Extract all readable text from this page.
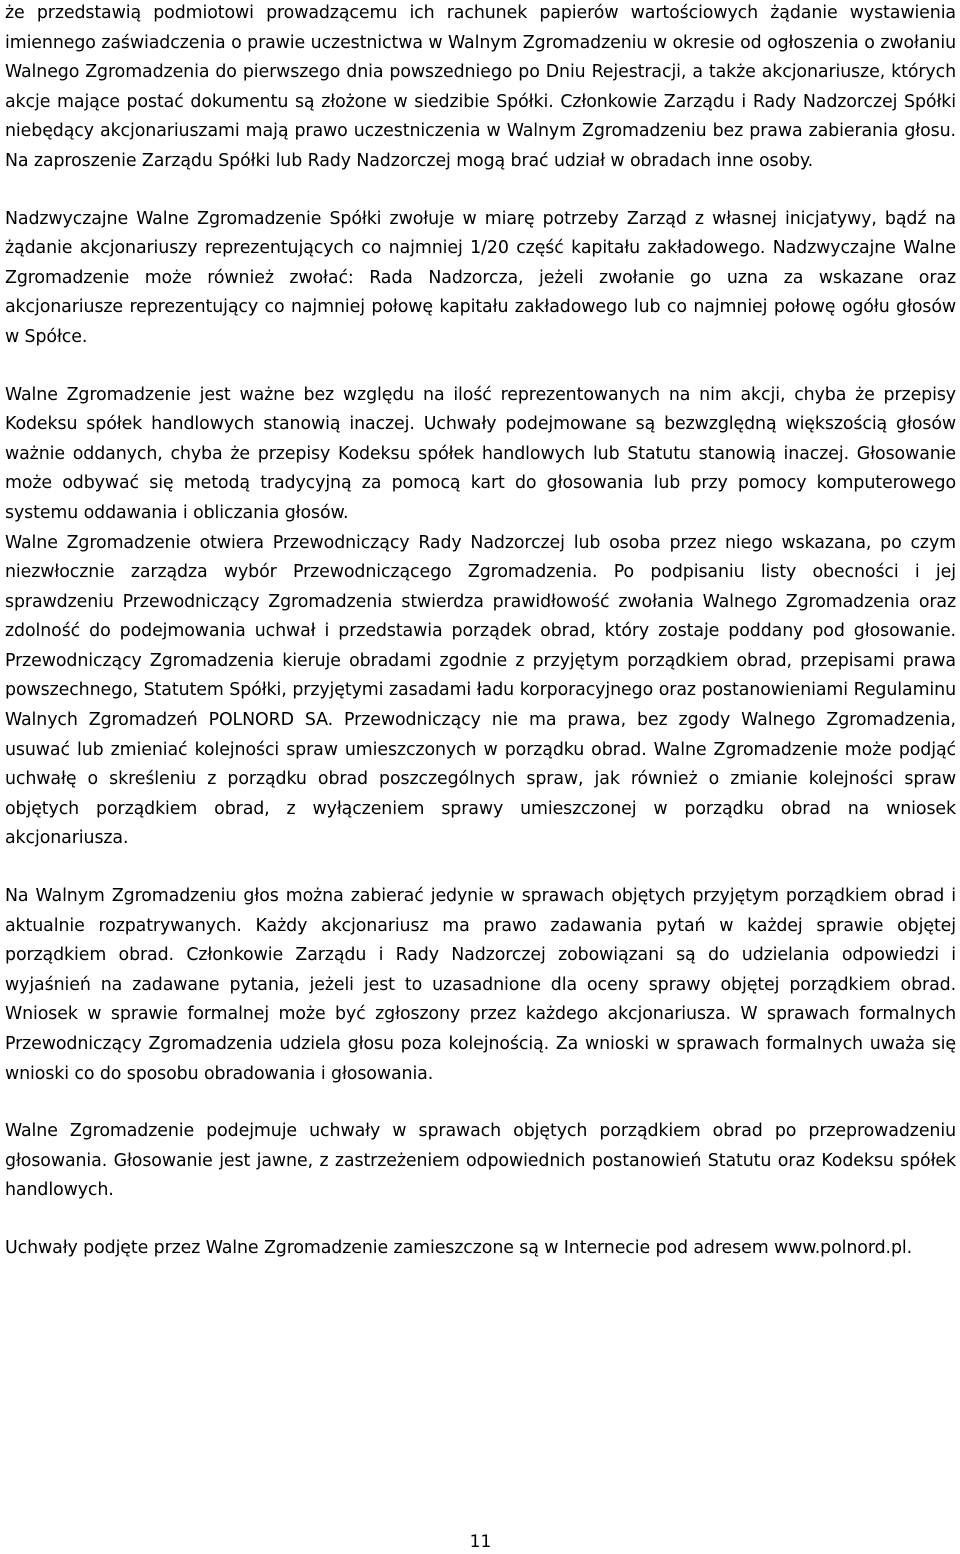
że przedstawią podmiotowi prowadzącemu ich rachunek papierów wartościowych żądanie wystawienia imiennego zaświadczenia o prawie uczestnictwa w Walnym Zgromadzeniu w okresie od ogłoszenia o zwołaniu Walnego Zgromadzenia do pierwszego dnia powszedniego po Dniu Rejestracji, a także akcjonariusze, których akcje mające postać dokumentu są złożone w siedzibie Spółki. Członkowie Zarządu i Rady Nadzorczej Spółki niebędący akcjonariuszami mają prawo uczestniczenia w Walnym Zgromadzeniu bez prawa zabierania głosu. Na zaproszenie Zarządu Spółki lub Rady Nadzorczej mogą brać udział w obradach inne osoby.

Nadzwyczajne Walne Zgromadzenie Spółki zwołuje w miarę potrzeby Zarząd z własnej inicjatywy, bądź na żądanie akcjonariuszy reprezentujących co najmniej 1/20 część kapitału zakładowego. Nadzwyczajne Walne Zgromadzenie może również zwołać: Rada Nadzorcza, jeżeli zwołanie go uzna za wskazane oraz akcjonariusze reprezentujący co najmniej połowę kapitału zakładowego lub co najmniej połowę ogółu głosów w Spółce.

Walne Zgromadzenie jest ważne bez względu na ilość reprezentowanych na nim akcji, chyba że przepisy Kodeksu spółek handlowych stanowią inaczej. Uchwały podejmowane są bezwzględną większością głosów ważnie oddanych, chyba że przepisy Kodeksu spółek handlowych lub Statutu stanowią inaczej. Głosowanie może odbywać się metodą tradycyjną za pomocą kart do głosowania lub przy pomocy komputerowego systemu oddawania i obliczania głosów.

Walne Zgromadzenie otwiera Przewodniczący Rady Nadzorczej lub osoba przez niego wskazana, po czym niezwłocznie zarządza wybór Przewodniczącego Zgromadzenia. Po podpisaniu listy obecności i jej sprawdzeniu Przewodniczący Zgromadzenia stwierdza prawidłowość zwołania Walnego Zgromadzenia oraz zdolność do podejmowania uchwał i przedstawia porządek obrad, który zostaje poddany pod głosowanie. Przewodniczący Zgromadzenia kieruje obradami zgodnie z przyjętym porządkiem obrad, przepisami prawa powszechnego, Statutem Spółki, przyjętymi zasadami ładu korporacyjnego oraz postanowieniami Regulaminu Walnych Zgromadzeń POLNORD SA. Przewodniczący nie ma prawa, bez zgody Walnego Zgromadzenia, usuwać lub zmieniać kolejności spraw umieszczonych w porządku obrad. Walne Zgromadzenie może podjąć uchwałę o skreśleniu z porządku obrad poszczególnych spraw, jak również o zmianie kolejności spraw objętych porządkiem obrad, z wyłączeniem sprawy umieszczonej w porządku obrad na wniosek akcjonariusza.

Na Walnym Zgromadzeniu głos można zabierać jedynie w sprawach objętych przyjętym porządkiem obrad i aktualnie rozpatrywanych. Każdy akcjonariusz ma prawo zadawania pytań w każdej sprawie objętej porządkiem obrad. Członkowie Zarządu i Rady Nadzorczej zobowiązani są do udzielania odpowiedzi i wyjaśnień na zadawane pytania, jeżeli jest to uzasadnione dla oceny sprawy objętej porządkiem obrad. Wniosek w sprawie formalnej może być zgłoszony przez każdego akcjonariusza. W sprawach formalnych Przewodniczący Zgromadzenia udziela głosu poza kolejnością. Za wnioski w sprawach formalnych uważa się wnioski co do sposobu obradowania i głosowania.

Walne Zgromadzenie podejmuje uchwały w sprawach objętych porządkiem obrad po przeprowadzeniu głosowania. Głosowanie jest jawne, z zastrzeżeniem odpowiednich postanowień Statutu oraz Kodeksu spółek handlowych.

Uchwały podjęte przez Walne Zgromadzenie zamieszczone są w Internecie pod adresem www.polnord.pl.

11
